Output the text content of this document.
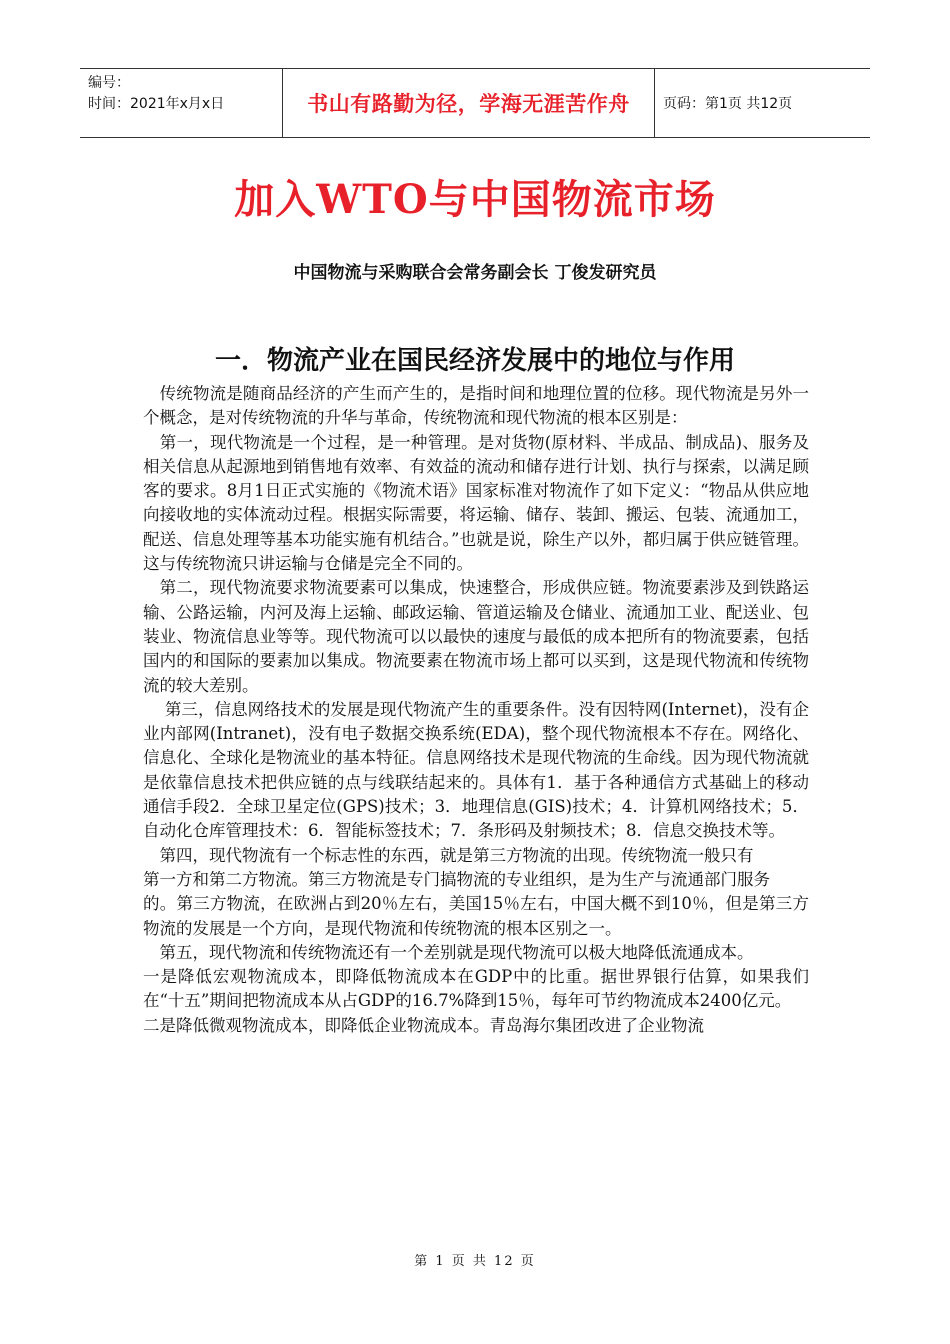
编号：
时间：2021年x月x日	书山有路勤为径，学海无涯苦作舟	页码：第1页 共12页
加入WTO与中国物流市场
中国物流与采购联合会常务副会长 丁俊发研究员
一．物流产业在国民经济发展中的地位与作用

　传统物流是随商品经济的产生而产生的，是指时间和地理位置的位移。现代物流是另外一个概念，是对传统物流的升华与革命，传统物流和现代物流的根本区别是：

　第一，现代物流是一个过程，是一种管理。是对货物(原材料、半成品、制成品)、服务及相关信息从起源地到销售地有效率、有效益的流动和储存进行计划、执行与探索，以满足顾客的要求。8月1日正式实施的《物流术语》国家标准对物流作了如下定义：“物品从供应地向接收地的实体流动过程。根据实际需要，将运输、储存、装卸、搬运、包装、流通加工，配送、信息处理等基本功能实施有机结合。”也就是说，除生产以外，都归属于供应链管理。这与传统物流只讲运输与仓储是完全不同的。

　第二，现代物流要求物流要素可以集成，快速整合，形成供应链。物流要素涉及到铁路运输、公路运输，内河及海上运输、邮政运输、管道运输及仓储业、流通加工业、配送业、包装业、物流信息业等等。现代物流可以以最快的速度与最低的成本把所有的物流要素，包括国内的和国际的要素加以集成。物流要素在物流市场上都可以买到，这是现代物流和传统物流的较大差别。

　 第三，信息网络技术的发展是现代物流产生的重要条件。没有因特网(Internet)，没有企业内部网(Intranet)，没有电子数据交换系统(EDA)，整个现代物流根本不存在。网络化、信息化、全球化是物流业的基本特征。信息网络技术是现代物流的生命线。因为现代物流就是依靠信息技术把供应链的点与线联结起来的。具体有1．基于各种通信方式基础上的移动通信手段2．全球卫星定位(GPS)技术；3．地理信息(GIS)技术；4．计算机网络技术；5．自动化仓库管理技术：6．智能标签技术；7．条形码及射频技术；8．信息交换技术等。

　第四，现代物流有一个标志性的东西，就是第三方物流的出现。传统物流一般只有

第一方和第二方物流。第三方物流是专门搞物流的专业组织，是为生产与流通部门服务

的。第三方物流，在欧洲占到20％左右，美国15％左右，中国大概不到10％，但是第三方物流的发展是一个方向，是现代物流和传统物流的根本区别之一。

　第五，现代物流和传统物流还有一个差别就是现代物流可以极大地降低流通成本。

一是降低宏观物流成本，即降低物流成本在GDP中的比重。据世界银行估算，如果我们在“十五”期间把物流成本从占GDP的16.7%降到15％，每年可节约物流成本2400亿元。

二是降低微观物流成本，即降低企业物流成本。青岛海尔集团改进了企业物流

第 1 页 共 12 页
